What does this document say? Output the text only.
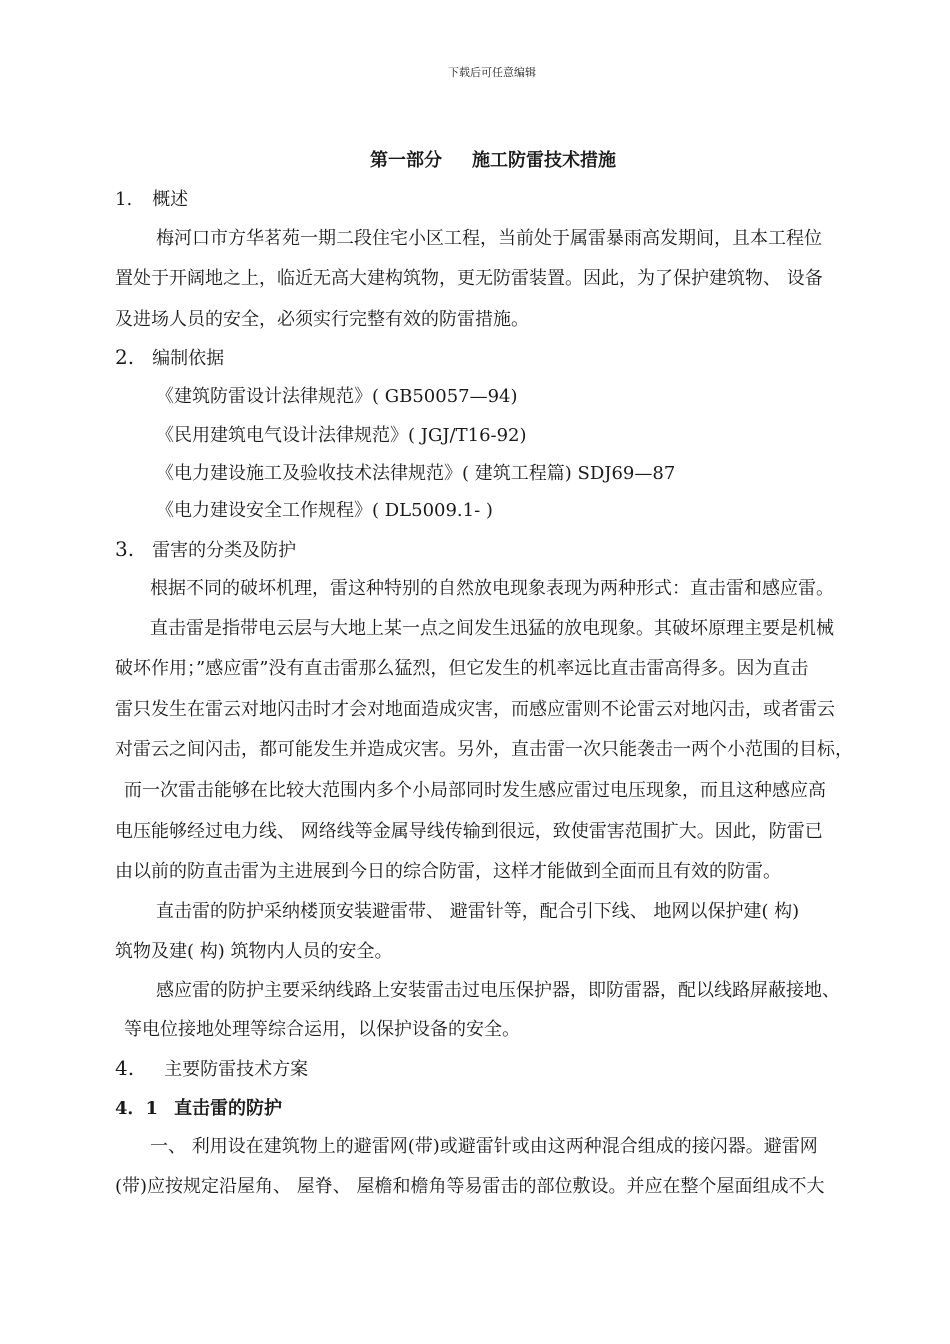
下载后可任意编辑
第一部分 施工防雷技术措施
1. 概述
梅河口市方华茗苑一期二段住宅小区工程，当前处于属雷暴雨高发期间，且本工程位
置处于开阔地之上，临近无高大建构筑物，更无防雷装置。因此，为了保护建筑物、 设备
及进场人员的安全，必须实行完整有效的防雷措施。
2. 编制依据
《建筑防雷设计法律规范》( GB50057—94)
《民用建筑电气设计法律规范》( JGJ/T16-92)
《电力建设施工及验收技术法律规范》( 建筑工程篇) SDJ69—87
《电力建设安全工作规程》( DL5009.1- )
3. 雷害的分类及防护
根据不同的破坏机理，雷这种特别的自然放电现象表现为两种形式：直击雷和感应雷。
直击雷是指带电云层与大地上某一点之间发生迅猛的放电现象。其破坏原理主要是机械
破坏作用；”感应雷”没有直击雷那么猛烈，但它发生的机率远比直击雷高得多。因为直击
雷只发生在雷云对地闪击时才会对地面造成灾害，而感应雷则不论雷云对地闪击，或者雷云
对雷云之间闪击，都可能发生并造成灾害。另外，直击雷一次只能袭击一两个小范围的目标，
而一次雷击能够在比较大范围内多个小局部同时发生感应雷过电压现象，而且这种感应高
电压能够经过电力线、 网络线等金属导线传输到很远，致使雷害范围扩大。因此，防雷已
由以前的防直击雷为主进展到今日的综合防雷，这样才能做到全面而且有效的防雷。
直击雷的防护采纳楼顶安装避雷带、 避雷针等，配合引下线、 地网以保护建( 构)
筑物及建( 构) 筑物内人员的安全。
感应雷的防护主要采纳线路上安装雷击过电压保护器，即防雷器，配以线路屏蔽接地、
等电位接地处理等综合运用，以保护设备的安全。
4. 主要防雷技术方案
4．1 直击雷的防护
一、 利用设在建筑物上的避雷网(带)或避雷针或由这两种混合组成的接闪器。避雷网
(带)应按规定沿屋角、 屋脊、 屋檐和檐角等易雷击的部位敷设。并应在整个屋面组成不大
